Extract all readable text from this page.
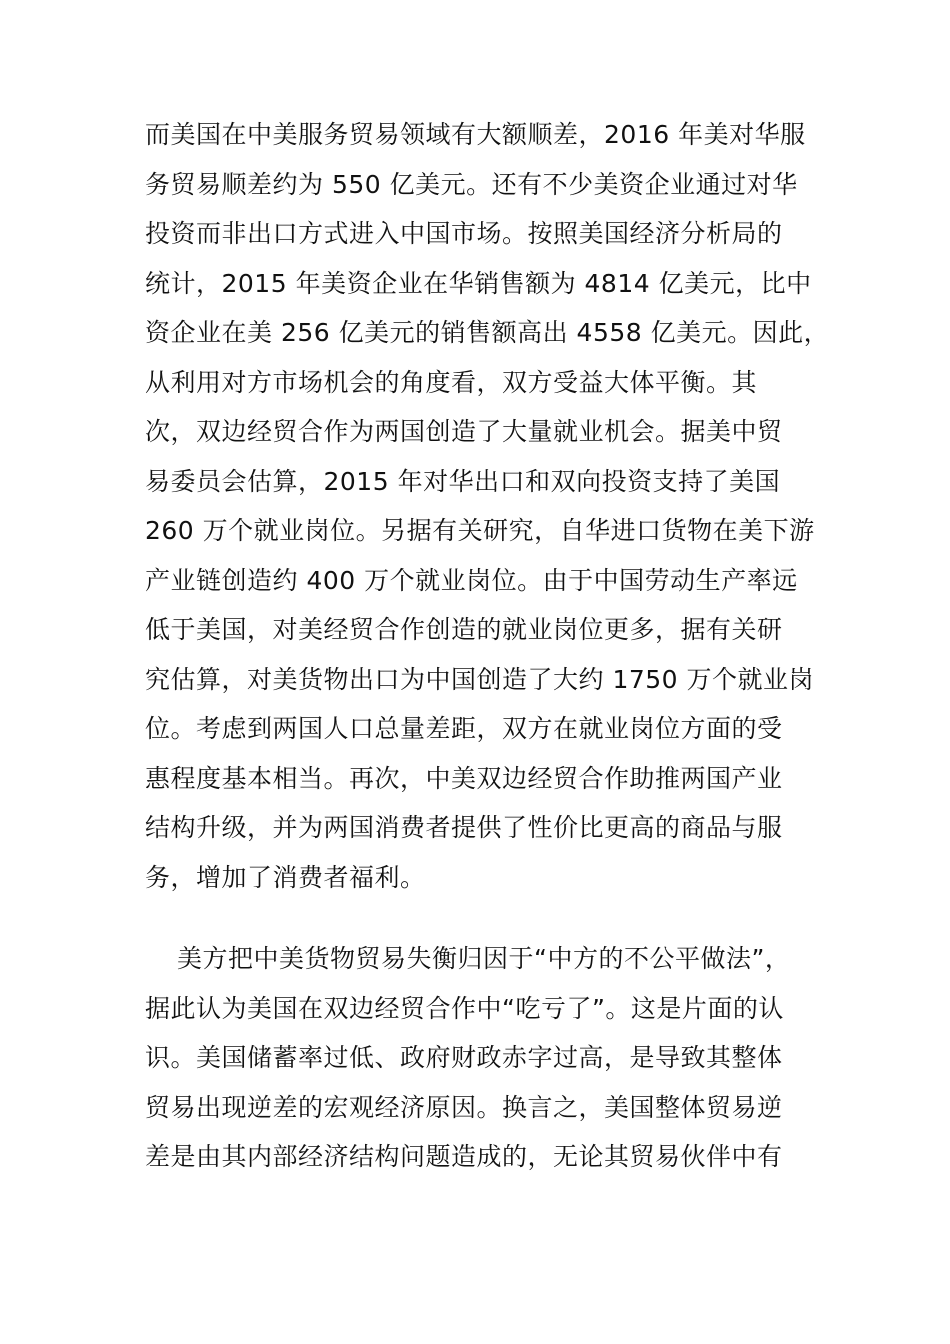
而美国在中美服务贸易领域有大额顺差，2016 年美对华服
务贸易顺差约为 550 亿美元。还有不少美资企业通过对华
投资而非出口方式进入中国市场。按照美国经济分析局的
统计，2015 年美资企业在华销售额为 4814 亿美元，比中
资企业在美 256 亿美元的销售额高出 4558 亿美元。因此，
从利用对方市场机会的角度看，双方受益大体平衡。其
次，双边经贸合作为两国创造了大量就业机会。据美中贸
易委员会估算，2015 年对华出口和双向投资支持了美国
260 万个就业岗位。另据有关研究，自华进口货物在美下游
产业链创造约 400 万个就业岗位。由于中国劳动生产率远
低于美国，对美经贸合作创造的就业岗位更多，据有关研
究估算，对美货物出口为中国创造了大约 1750 万个就业岗
位。考虑到两国人口总量差距，双方在就业岗位方面的受
惠程度基本相当。再次，中美双边经贸合作助推两国产业
结构升级，并为两国消费者提供了性价比更高的商品与服
务，增加了消费者福利。
美方把中美货物贸易失衡归因于“中方的不公平做法”，
据此认为美国在双边经贸合作中“吃亏了”。这是片面的认
识。美国储蓄率过低、政府财政赤字过高，是导致其整体
贸易出现逆差的宏观经济原因。换言之，美国整体贸易逆
差是由其内部经济结构问题造成的，无论其贸易伙伴中有
